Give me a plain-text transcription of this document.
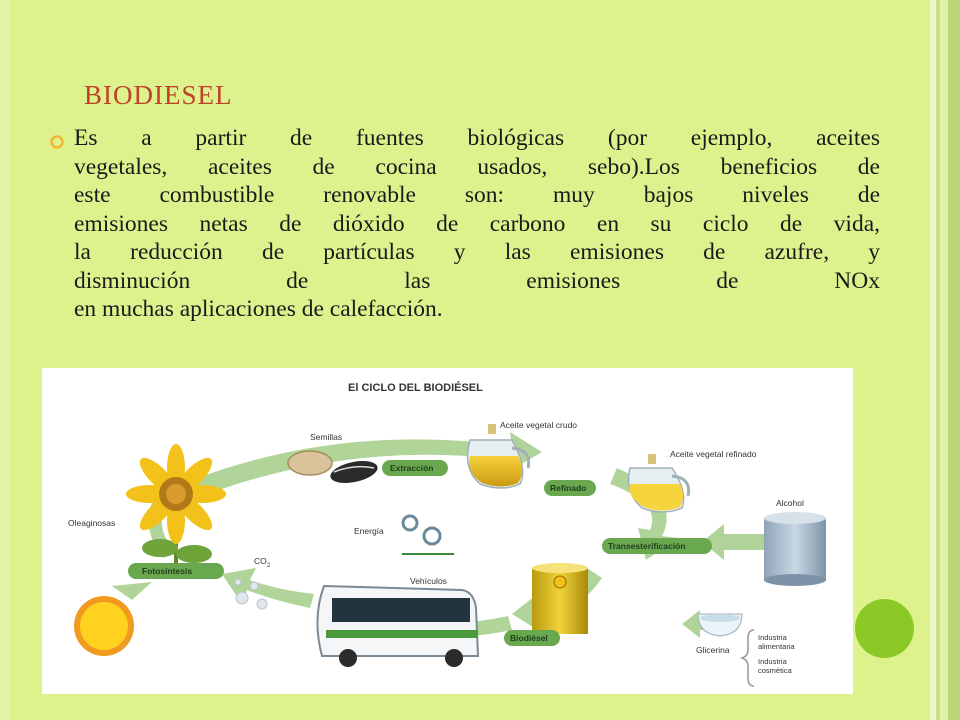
BIODIESEL

Es a partir de fuentes biológicas (por ejemplo, aceites
vegetales, aceites de cocina usados, sebo).Los beneficios de
este combustible renovable son: muy bajos niveles de
emisiones netas de dióxido de carbono en su ciclo de vida,
la reducción de partículas y las emisiones de azufre, y
disminución de las emisiones de NOx
en muchas aplicaciones de calefacción.

El CICLO DEL BIODIÉSEL
Semillas
Aceite vegetal crudo
Extracción
Aceite vegetal refinado
Refinado
Alcohol
Oleaginosas
Energía
Transesterificación
CO 2
Fotosíntesis
Vehículos
Biodiésel
Glicerina
Industria
alimentaria
Industria
cosmética
